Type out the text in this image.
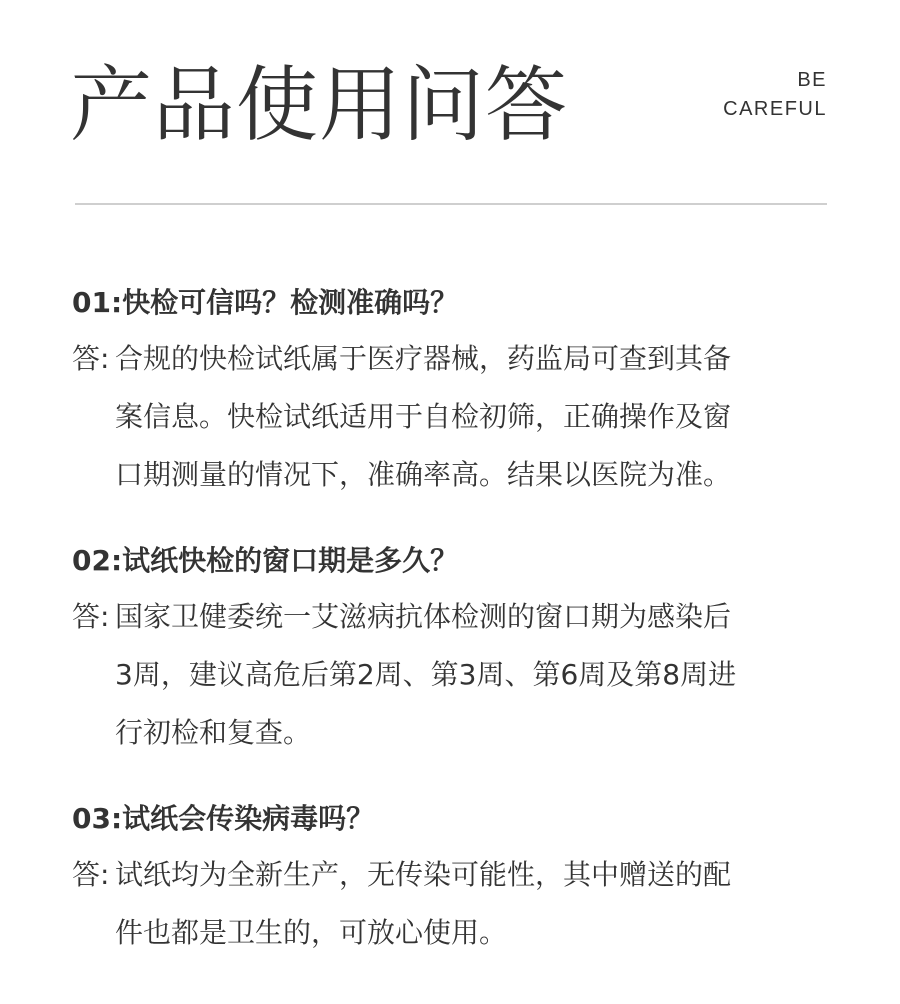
产品使用问答	BE
CAREFUL

01:快检可信吗？检测准确吗？

答: 合规的快检试纸属于医疗器械，药监局可查到其备
案信息。快检试纸适用于自检初筛，正确操作及窗
口期测量的情况下，准确率高。结果以医院为准。

02:试纸快检的窗口期是多久？

答: 国家卫健委统一艾滋病抗体检测的窗口期为感染后
3周，建议高危后第2周、第3周、第6周及第8周进
行初检和复查。

03:试纸会传染病毒吗？

答: 试纸均为全新生产，无传染可能性，其中赠送的配
件也都是卫生的，可放心使用。
